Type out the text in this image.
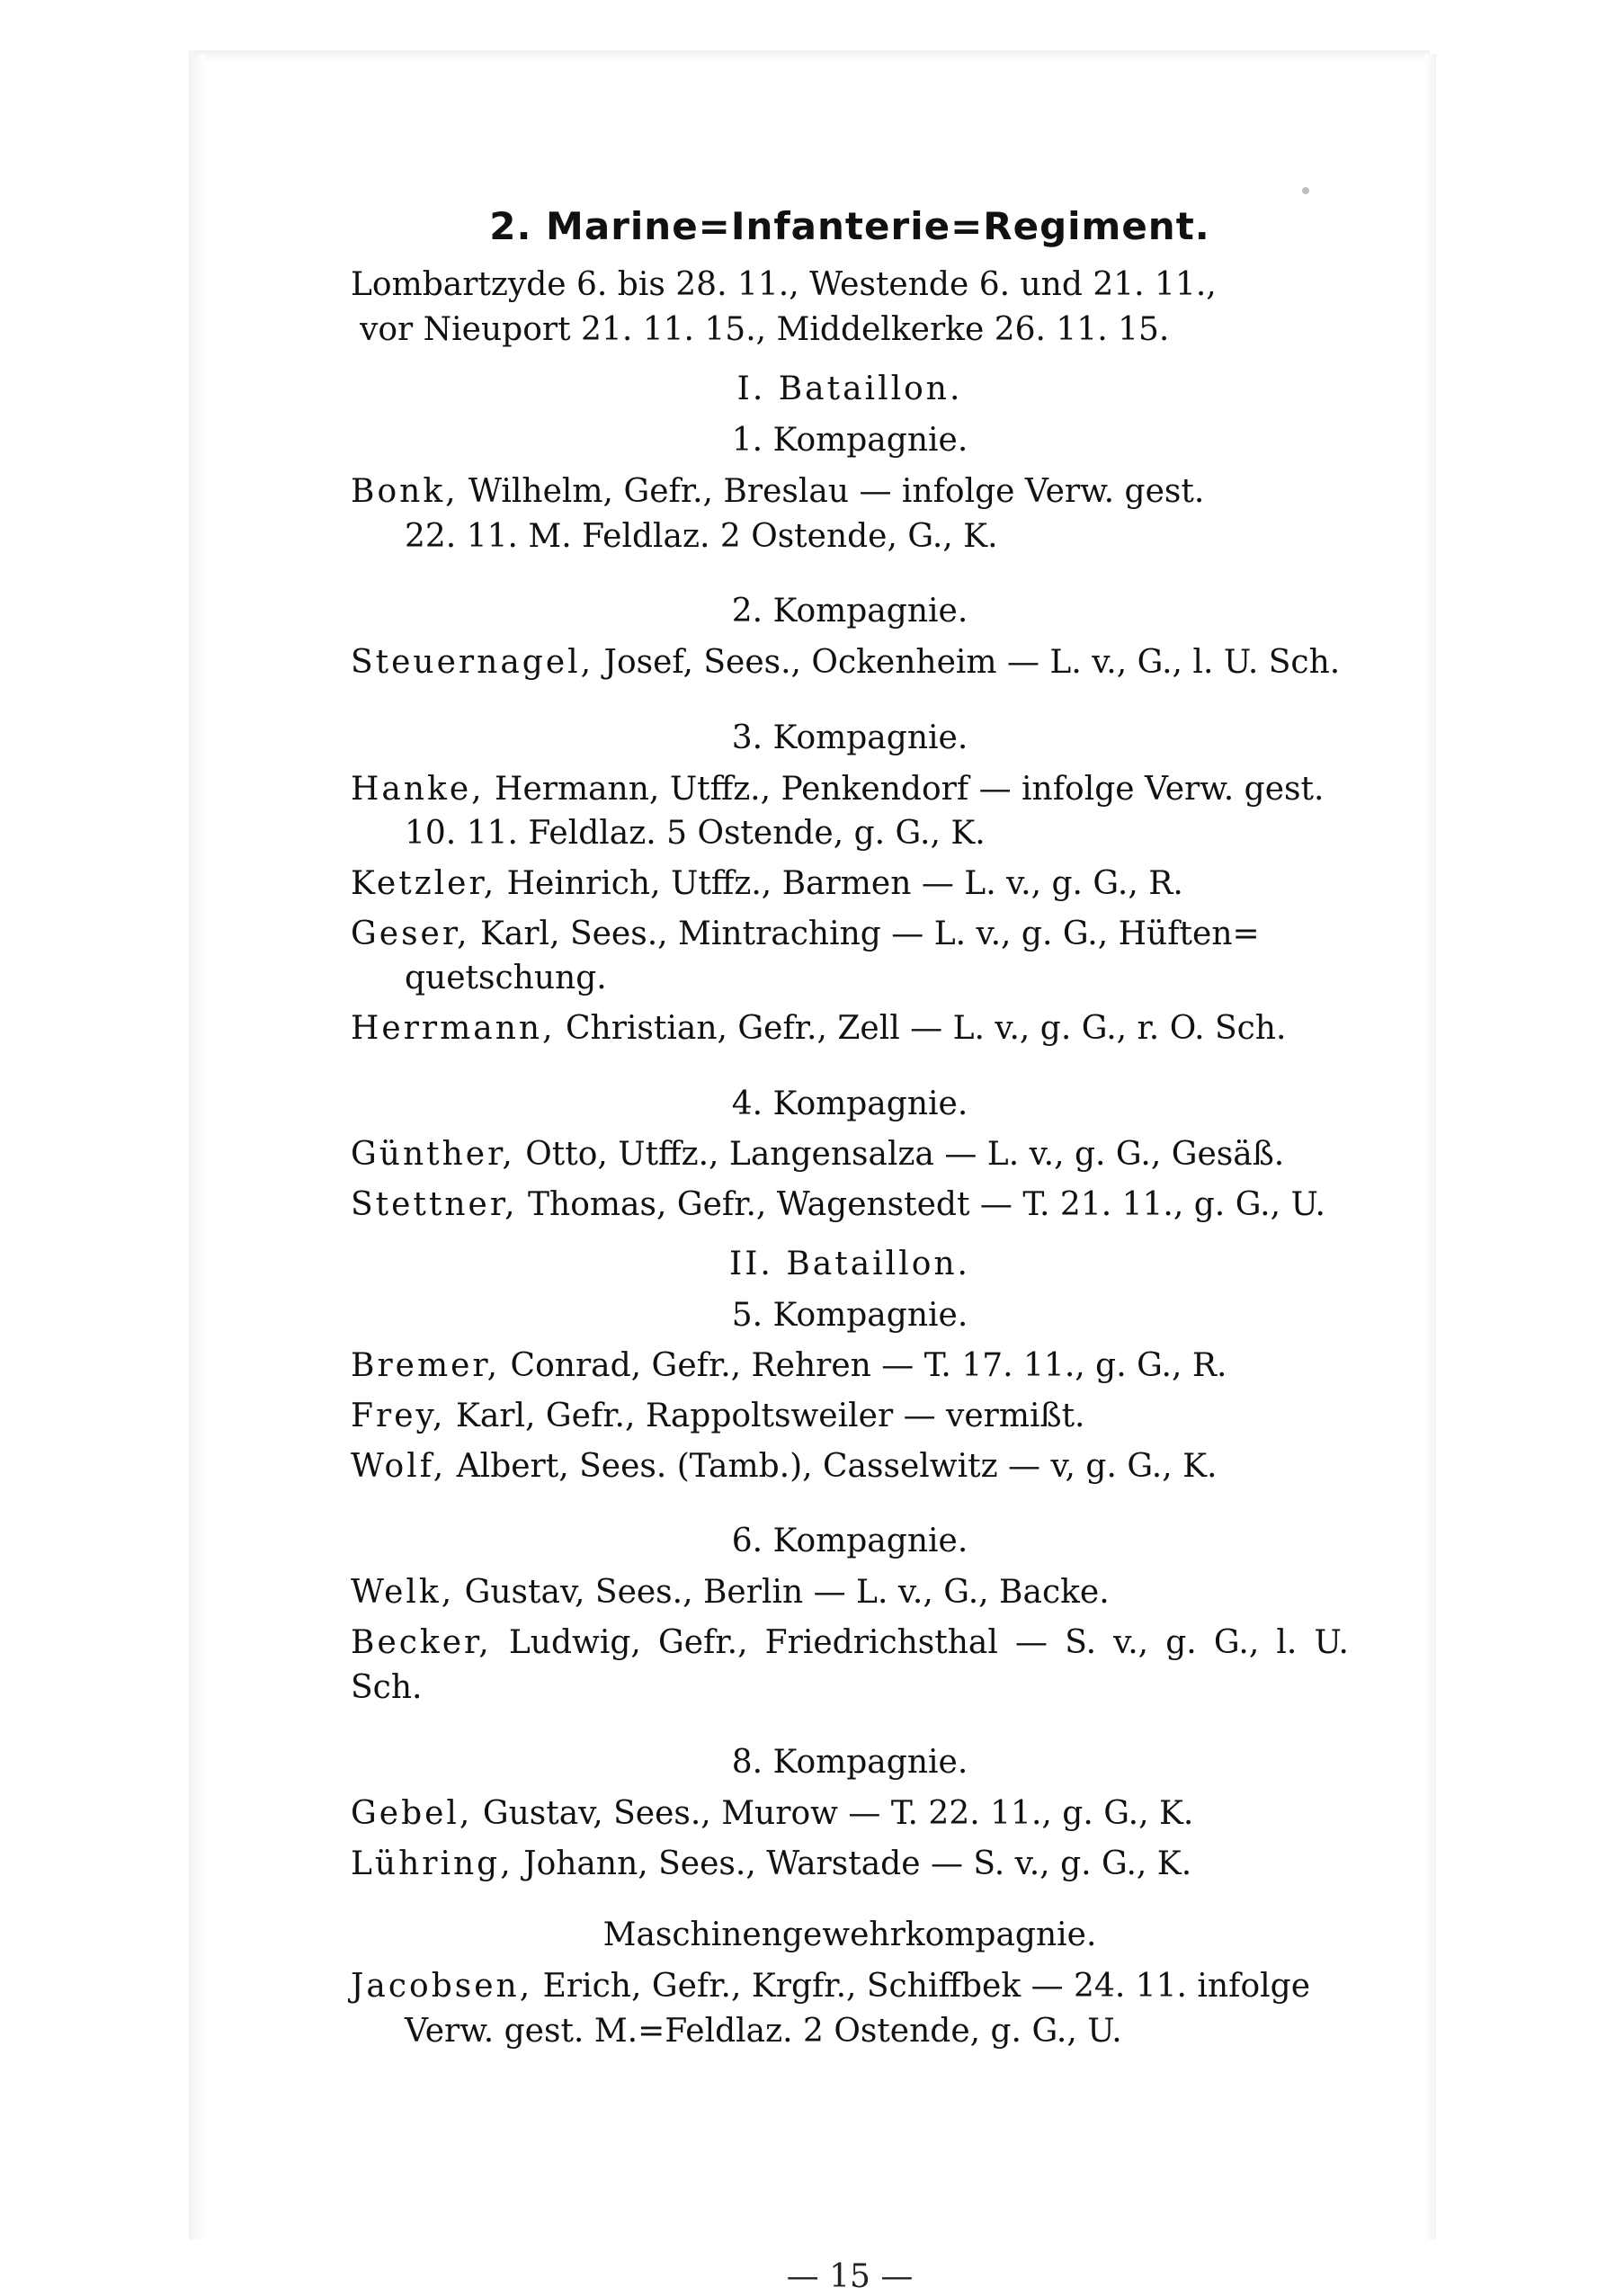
2. Marine=Infanterie=Regiment.

Lombartzyde 6. bis 28. 11., Westende 6. und 21. 11.,
vor Nieuport 21. 11. 15., Middelkerke 26. 11. 15.

I. Bataillon.
1. Kompagnie.

Bonk, Wilhelm, Gefr., Breslau — infolge Verw. gest.
22. 11. M. Feldlaz. 2 Ostende, G., K.

2. Kompagnie.

Steuernagel, Josef, Sees., Ockenheim — L. v., G., l. U. Sch.

3. Kompagnie.

Hanke, Hermann, Utffz., Penkendorf — infolge Verw. gest.
10. 11. Feldlaz. 5 Ostende, g. G., K.

Ketzler, Heinrich, Utffz., Barmen — L. v., g. G., R.

Geser, Karl, Sees., Mintraching — L. v., g. G., Hüften=
quetschung.

Herrmann, Christian, Gefr., Zell — L. v., g. G., r. O. Sch.

4. Kompagnie.

Günther, Otto, Utffz., Langensalza — L. v., g. G., Gesäß.

Stettner, Thomas, Gefr., Wagenstedt — T. 21. 11., g. G., U.

II. Bataillon.
5. Kompagnie.

Bremer, Conrad, Gefr., Rehren — T. 17. 11., g. G., R.

Frey, Karl, Gefr., Rappoltsweiler — vermißt.

Wolf, Albert, Sees. (Tamb.), Casselwitz — v, g. G., K.

6. Kompagnie.

Welk, Gustav, Sees., Berlin — L. v., G., Backe.

Becker, Ludwig, Gefr., Friedrichsthal — S. v., g. G., l. U. Sch.

8. Kompagnie.

Gebel, Gustav, Sees., Murow — T. 22. 11., g. G., K.

Lühring, Johann, Sees., Warstade — S. v., g. G., K.

Maschinengewehrkompagnie.

Jacobsen, Erich, Gefr., Krgfr., Schiffbek — 24. 11. infolge
Verw. gest. M.=Feldlaz. 2 Ostende, g. G., U.

— 15 —
